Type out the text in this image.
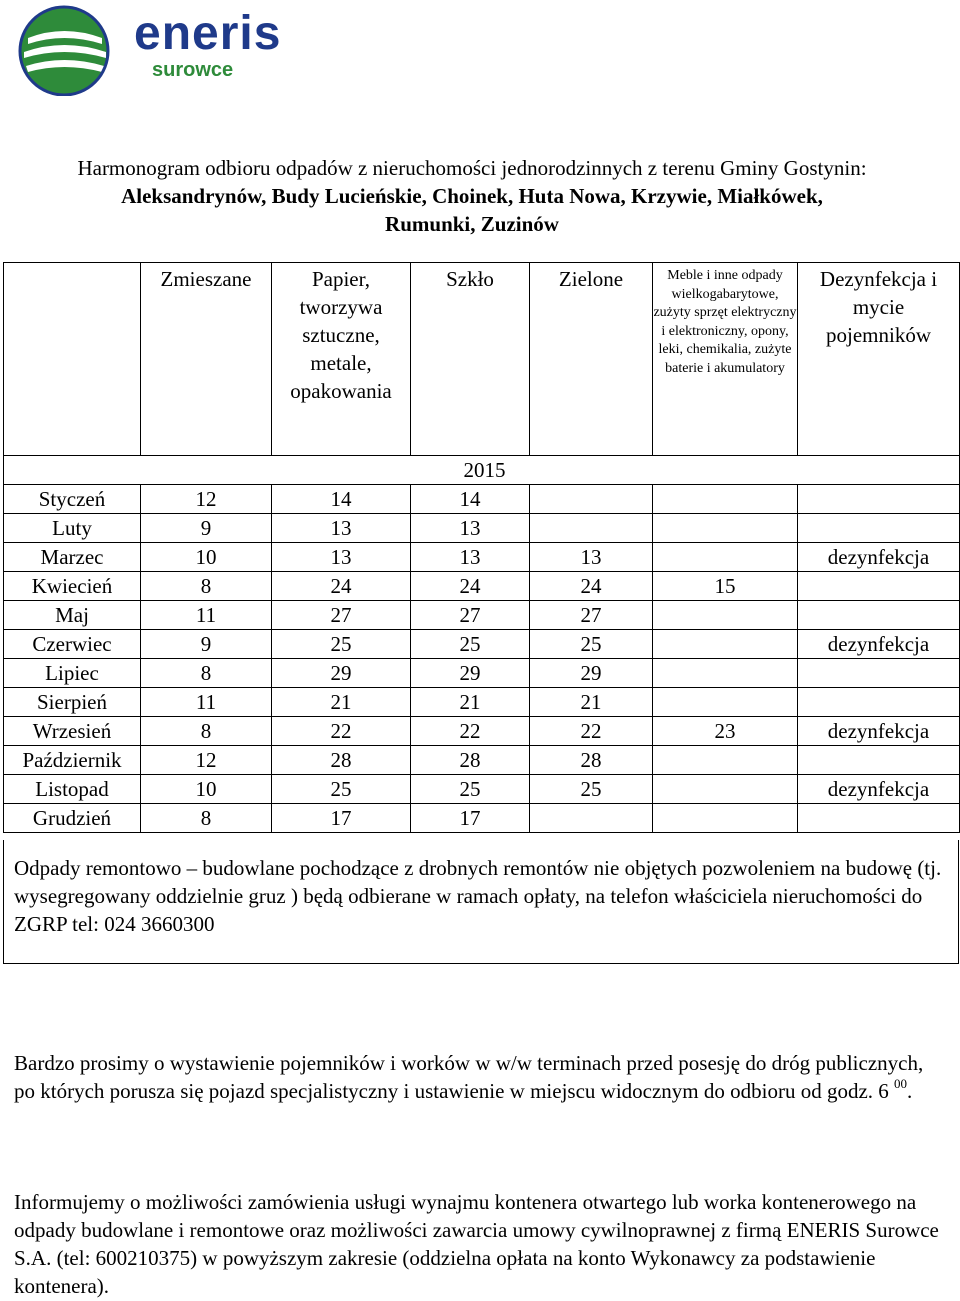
eneris
surowce
Harmonogram odbioru odpadów z nieruchomości jednorodzinnych z terenu Gminy Gostynin:
Aleksandrynów, Budy Lucieńskie, Choinek, Huta Nowa, Krzywie, Miałkówek,
Rumunki, Zuzinów
	Zmieszane	Papier, tworzywa sztuczne, metale, opakowania	Szkło	Zielone	Meble i inne odpady wielkogabarytowe, zużyty sprzęt elektryczny i elektroniczny, opony, leki, chemikalia, zużyte baterie i akumulatory	Dezynfekcja i mycie pojemników
2015						
Styczeń	12	14	14			
Luty	9	13	13			
Marzec	10	13	13	13		dezynfekcja
Kwiecień	8	24	24	24	15	
Maj	11	27	27	27		
Czerwiec	9	25	25	25		dezynfekcja
Lipiec	8	29	29	29		
Sierpień	11	21	21	21		
Wrzesień	8	22	22	22	23	dezynfekcja
Październik	12	28	28	28		
Listopad	10	25	25	25		dezynfekcja
Grudzień	8	17	17			
Odpady remontowo – budowlane pochodzące z drobnych remontów nie objętych pozwoleniem na budowę (tj. wysegregowany oddzielnie gruz ) będą odbierane w ramach opłaty, na telefon właściciela nieruchomości do ZGRP tel: 024 3660300
Bardzo prosimy o wystawienie pojemników i worków w w/w terminach przed posesję do dróg publicznych, po których porusza się pojazd specjalistyczny i ustawienie w miejscu widocznym do odbioru od godz. 6 $^{00}$.
Informujemy o możliwości zamówienia usługi wynajmu kontenera otwartego lub worka kontenerowego na odpady budowlane i remontowe oraz możliwości zawarcia umowy cywilnoprawnej z firmą ENERIS Surowce S.A. (tel: 600210375) w powyższym zakresie (oddzielna opłata na konto Wykonawcy za podstawienie kontenera).
